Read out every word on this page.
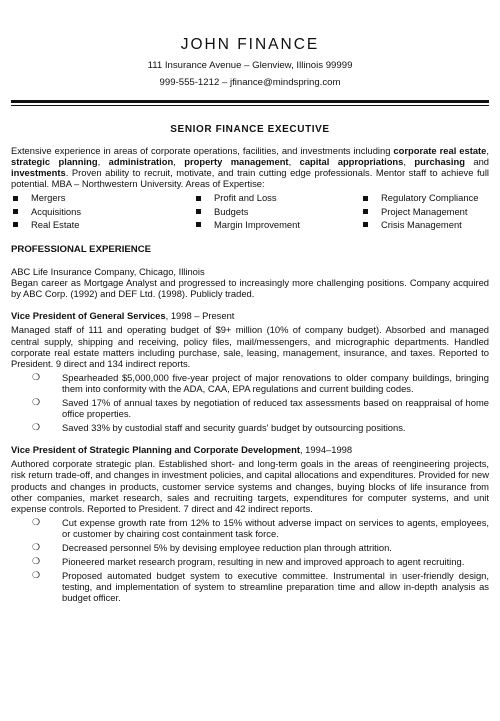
JOHN FINANCE
111 Insurance Avenue – Glenview, Illinois 99999
999-555-1212 – jfinance@mindspring.com
SENIOR FINANCE EXECUTIVE

Extensive experience in areas of corporate operations, facilities, and investments including corporate real estate, strategic planning, administration, property management, capital appropriations, purchasing and investments. Proven ability to recruit, motivate, and train cutting edge professionals. Mentor staff to achieve full potential. MBA – Northwestern University. Areas of Expertise:

Mergers	Profit and Loss	Regulatory Compliance
Acquisitions	Budgets	Project Management
Real Estate	Margin Improvement	Crisis Management
PROFESSIONAL EXPERIENCE

ABC Life Insurance Company, Chicago, Illinois

Began career as Mortgage Analyst and progressed to increasingly more challenging positions. Company acquired by ABC Corp. (1992) and DEF Ltd. (1998). Publicly traded.

Vice President of General Services, 1998 – Present

Managed staff of 111 and operating budget of $9+ million (10% of company budget). Absorbed and managed central supply, shipping and receiving, policy files, mail/messengers, and micrographic departments. Handled corporate real estate matters including purchase, sale, leasing, management, insurance, and taxes. Reported to President. 9 direct and 134 indirect reports.

❍	Spearheaded $5,000,000 five-year project of major renovations to older company buildings, bringing them into conformity with the ADA, CAA, EPA regulations and current building codes.
❍	Saved 17% of annual taxes by negotiation of reduced tax assessments based on reappraisal of home office properties.
❍	Saved 33% by custodial staff and security guards' budget by outsourcing positions.
Vice President of Strategic Planning and Corporate Development, 1994–1998

Authored corporate strategic plan. Established short- and long-term goals in the areas of reengineering projects, risk return trade-off, and changes in investment policies, and capital allocations and expenditures. Provided for new products and changes in products, customer service systems and changes, buying blocks of life insurance from other companies, market research, sales and recruiting targets, expenditures for computer systems, and unit expense controls. Reported to President. 7 direct and 42 indirect reports.

❍	Cut expense growth rate from 12% to 15% without adverse impact on services to agents, employees, or customer by chairing cost containment task force.
❍	Decreased personnel 5% by devising employee reduction plan through attrition.
❍	Pioneered market research program, resulting in new and improved approach to agent recruiting.
❍	Proposed automated budget system to executive committee. Instrumental in user-friendly design, testing, and implementation of system to streamline preparation time and allow in-depth analysis as budget officer.
